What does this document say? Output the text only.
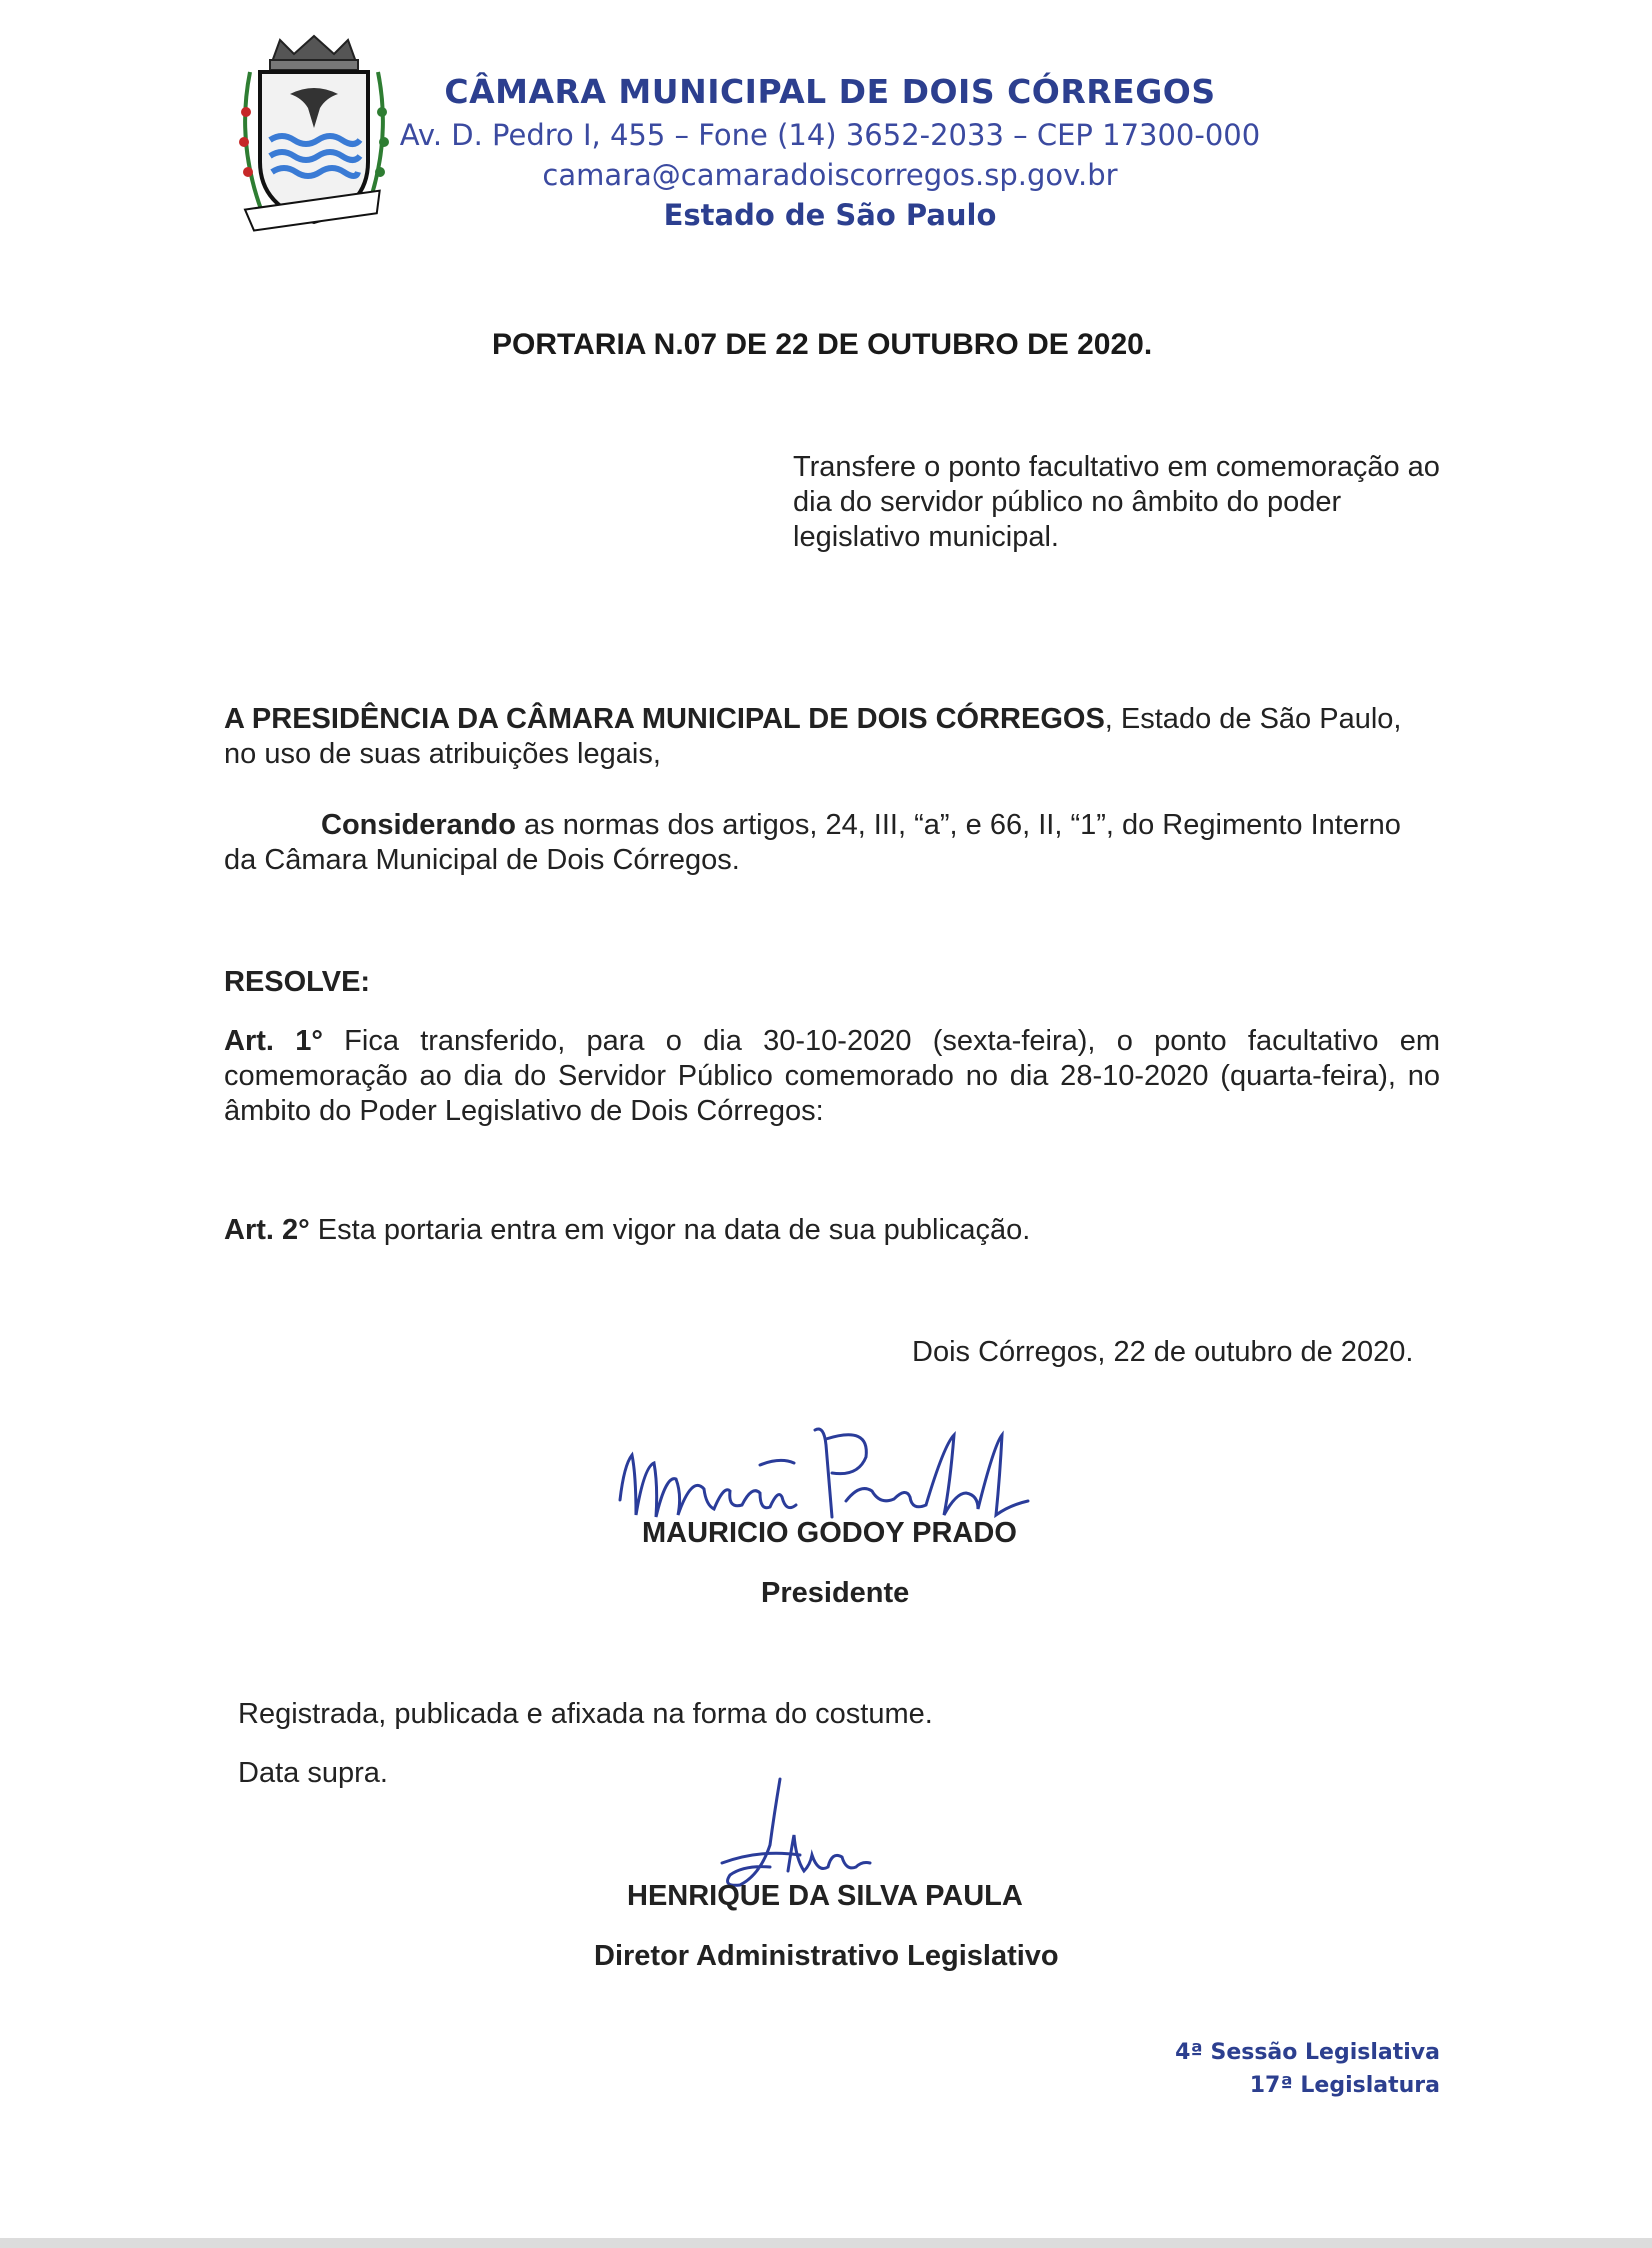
CÂMARA MUNICIPAL DE DOIS CÓRREGOS
Av. D. Pedro I, 455 – Fone (14) 3652-2033 – CEP 17300-000
camara@camaradoiscorregos.sp.gov.br
Estado de São Paulo
PORTARIA N.07 DE 22 DE OUTUBRO DE 2020.
Transfere o ponto facultativo em comemoração ao dia do servidor público no âmbito do poder legislativo municipal.
A PRESIDÊNCIA DA CÂMARA MUNICIPAL DE DOIS CÓRREGOS, Estado de São Paulo, no uso de suas atribuições legais,
Considerando as normas dos artigos, 24, III, “a”, e 66, II, “1”, do Regimento Interno da Câmara Municipal de Dois Córregos.
RESOLVE:
Art. 1° Fica transferido, para o dia 30-10-2020 (sexta-feira), o ponto facultativo em comemoração ao dia do Servidor Público comemorado no dia 28-10-2020 (quarta-feira), no âmbito do Poder Legislativo de Dois Córregos:
Art. 2° Esta portaria entra em vigor na data de sua publicação.
Dois Córregos, 22 de outubro de 2020.
MAURICIO GODOY PRADO
Presidente
Registrada, publicada e afixada na forma do costume.
Data supra.
HENRIQUE DA SILVA PAULA
Diretor Administrativo Legislativo
4ª Sessão Legislativa
17ª Legislatura
